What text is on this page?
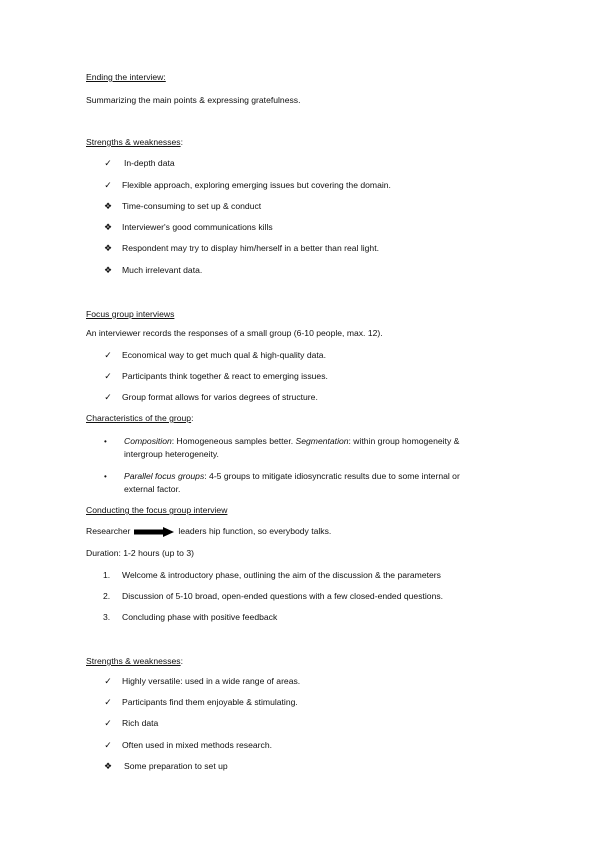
Ending the interview:
Summarizing the main points & expressing gratefulness.
Strengths & weaknesses:
✓ In-depth data
✓ Flexible approach, exploring emerging issues but covering the domain.
❖ Time-consuming to set up & conduct
❖ Interviewer's good communications kills
❖ Respondent may try to display him/herself in a better than real light.
❖ Much irrelevant data.
Focus group interviews
An interviewer records the responses of a small group (6-10 people, max. 12).
✓ Economical way to get much qual & high-quality data.
✓ Participants think together & react to emerging issues.
✓ Group format allows for varios degrees of structure.
Characteristics of the group:
• Composition: Homogeneous samples better. Segmentation: within group homogeneity &
intergroup heterogeneity.
• Parallel focus groups: 4-5 groups to mitigate idiosyncratic results due to some internal or
external factor.
Conducting the focus group interview
Researcher	leaders hip function, so everybody talks.
Duration: 1-2 hours (up to 3)
1. Welcome & introductory phase, outlining the aim of the discussion & the parameters
2. Discussion of 5-10 broad, open-ended questions with a few closed-ended questions.
3. Concluding phase with positive feedback
Strengths & weaknesses:
✓ Highly versatile: used in a wide range of areas.
✓ Participants find them enjoyable & stimulating.
✓ Rich data
✓ Often used in mixed methods research.
❖ Some preparation to set up
